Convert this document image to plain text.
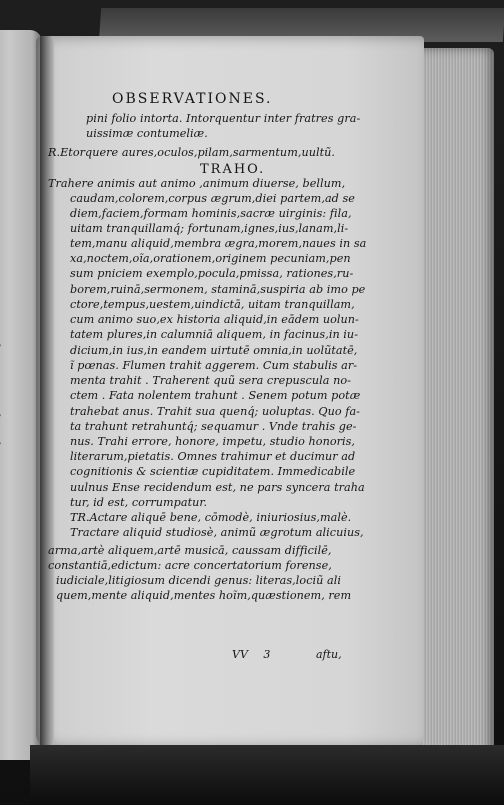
OBSERVATIONES.
TRAHO.
pini folio intorta. Intorquentur inter fratres gra-
uissimæ contumeliæ.
R.Etorquere aures,oculos,pilam,sarmentum,uultũ.
Trahere animis aut animo ,animum diuerse, bellum,
caudam,colorem,corpus ægrum,diei partem,ad se
diem,faciem,formam hominis,sacræ uirginis: fila,
uitam tranquillamq́; fortunam,ignes,ius,lanam,li-
tem,manu aliquid,membra ægra,morem,naues in sa
xa,noctem,oĩa,orationem,originem pecuniam,pen
sum pniciem exemplo,pocula,pmissa, rationes,ru-
borem,ruinā,sermonem, staminā,suspiria ab imo pe
ctore,tempus,uestem,uindictā, uitam tranquillam,
cum animo suo,ex historia aliquid,in eādem uolun-
tatem plures,in calumniā aliquem, in facinus,in iu-
dicium,in ius,in eandem uirtutē omnia,in uolũtatē,
ĩ pœnas. Flumen trahit aggerem. Cum stabulis ar-
menta trahit . Traherent quũ sera crepuscula no-
ctem . Fata nolentem trahunt . Senem potum potæ
trahebat anus. Trahit sua quenq́; uoluptas. Quo fa-
ta trahunt retrahuntq́; sequamur . Vnde trahis ge-
nus. Trahi errore, honore, impetu, studio honoris,
literarum,pietatis. Omnes trahimur et ducimur ad
cognitionis & scientiæ cupiditatem. Immedicabile
uulnus Ense recidendum est, ne pars syncera traha
tur, id est, corrumpatur.
TR.Actare aliquē bene, cōmodè, iniuriosius,malè.
Tractare aliquid studiosè, animũ ægrotum alicuius,
arma,artè aliquem,artē musicā, caussam difficilē,
constantiā,edictum: acre concertatorium forense,
iudiciale,litigiosum dicendi genus: literas,lociũ ali
quem,mente aliquid,mentes hoĩm,quæstionem, rem
VV 3	aftu,
